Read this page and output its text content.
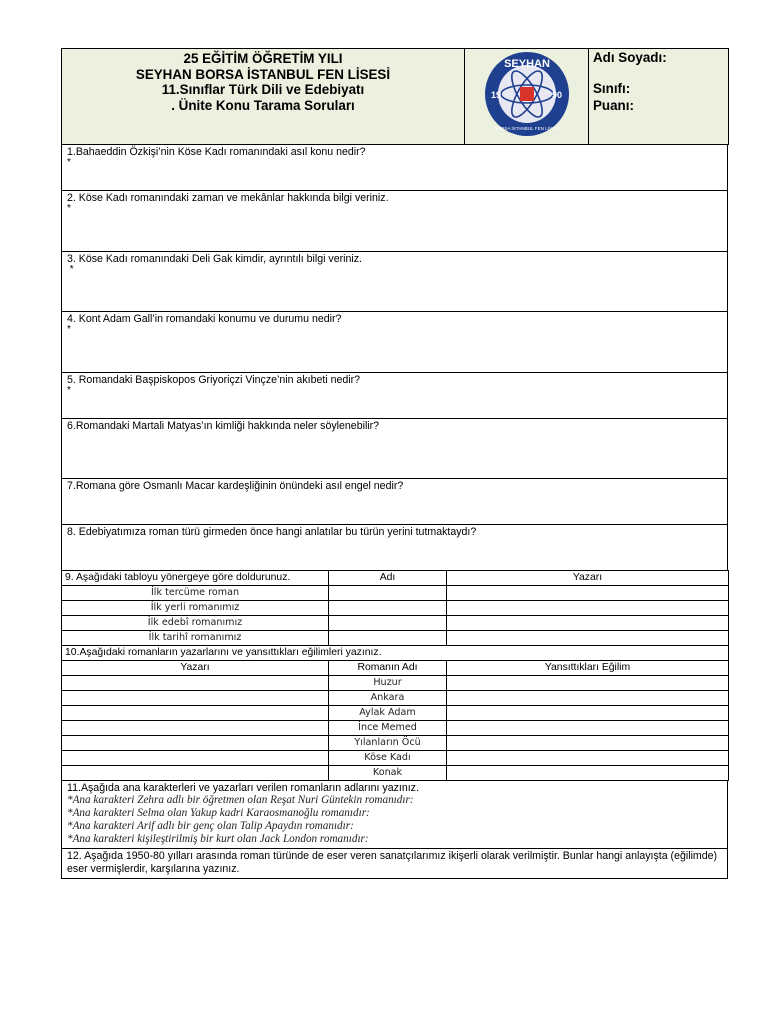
25 EĞİTİM ÖĞRETİM YILI
SEYHAN BORSA İSTANBUL FEN LİSESİ
11.Sınıflar Türk Dili ve Edebiyatı
. Ünite Konu Tarama Soruları

SEYHAN
19	90
BORSA İSTANBUL FEN LİSESİ

Adı Soyadı:
Sınıfı:
Puanı:
1.Bahaeddin Özkişi’nin Köse Kadı romanındaki asıl konu nedir?
*

2. Köse Kadı romanındaki zaman ve mekânlar hakkında bilgi veriniz.
*

3. Köse Kadı romanındaki Deli Gak kimdir, ayrıntılı bilgi veriniz.
*

4. Kont Adam Gall’in romandaki konumu ve durumu nedir?
*

5. Romandaki Başpiskopos Griyoriçzi Vinçze’nin akıbeti nedir?
*

6.Romandaki Martali Matyas’ın kimliği hakkında neler söylenebilir?

7.Romana göre Osmanlı Macar kardeşliğinin önündeki asıl engel nedir?

8. Edebiyatımıza roman türü girmeden önce hangi anlatılar bu türün yerini tutmaktaydı?
9. Aşağıdaki tabloyu yönergeye göre doldurunuz.	Adı	Yazarı
İlk tercüme roman		
İlk yerli romanımız		
İlk edebî romanımız		
İlk tarihî romanımız		
10.Aşağıdaki romanların yazarlarını ve yansıttıkları eğilimleri yazınız.		
Yazarı	Romanın Adı	Yansıttıkları Eğilim
	Huzur	
	Ankara	
	Aylak Adam	
	İnce Memed	
	Yılanların Öcü	
	Köse Kadı	
	Konak	
11.Aşağıda ana karakterleri ve yazarları verilen romanların adlarını yazınız.
*Ana karakteri Zehra adlı bir öğretmen olan Reşat Nuri Güntekin romanıdır:
*Ana karakteri Selma olan Yakup kadri Karaosmanoğlu romanıdır:
*Ana karakteri Arif adlı bir genç olan Talip Apaydın romanıdır:
*Ana karakteri kişileştirilmiş bir kurt olan Jack London romanıdır:
12. Aşağıda 1950-80 yılları arasında roman türünde de eser veren sanatçılarımız ikişerli olarak verilmiştir. Bunlar hangi anlayışta (eğilimde) eser vermişlerdir, karşılarına yazınız.
